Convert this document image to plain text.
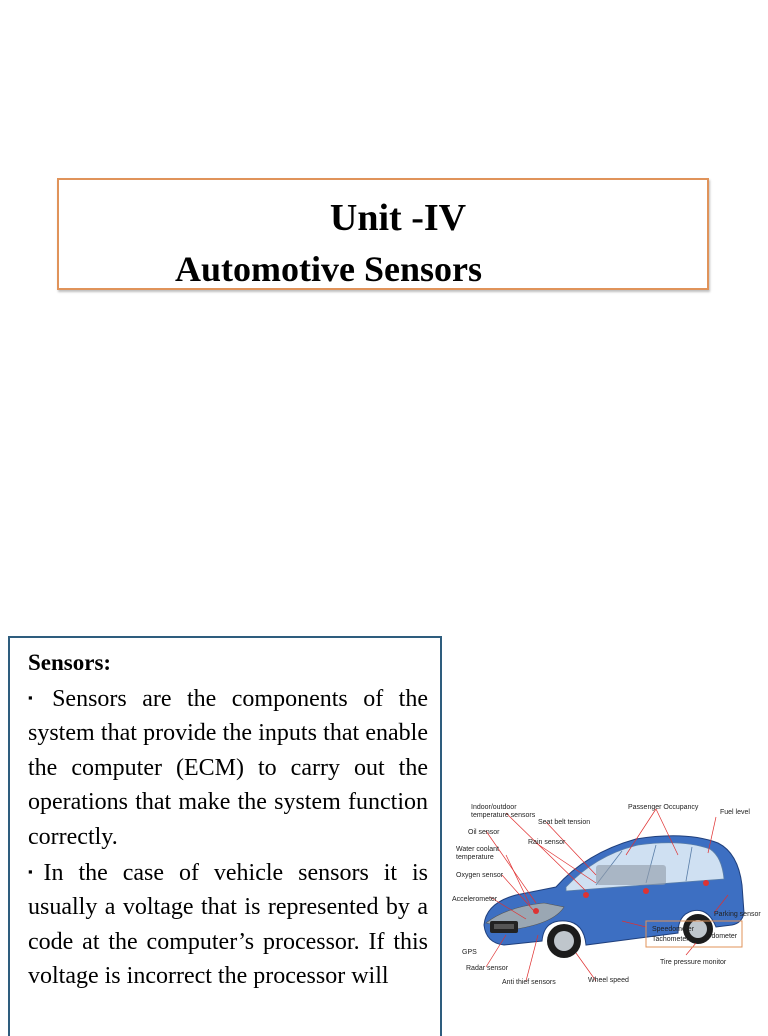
Unit -IV
Automotive Sensors
Sensors:
▪ Sensors are the components of the system that provide the inputs that enable the computer (ECM) to carry out the operations that make the system function correctly.
▪In the case of vehicle sensors it is usually a voltage that is represented by a code at the computer’s processor. If this voltage is incorrect the processor will
Indoor/outdoor
temperature sensors
Passenger Occupancy
Fuel level
Seat belt tension
Oil sensor
Rain sensor
Water coolant
temperature
Oxygen sensor
Accelerometer
Parking sensor
Speedometer
Tachometer Odometer
GPS
Tire pressure monitor
Radar sensor
Wheel speed
Anti thief sensors
